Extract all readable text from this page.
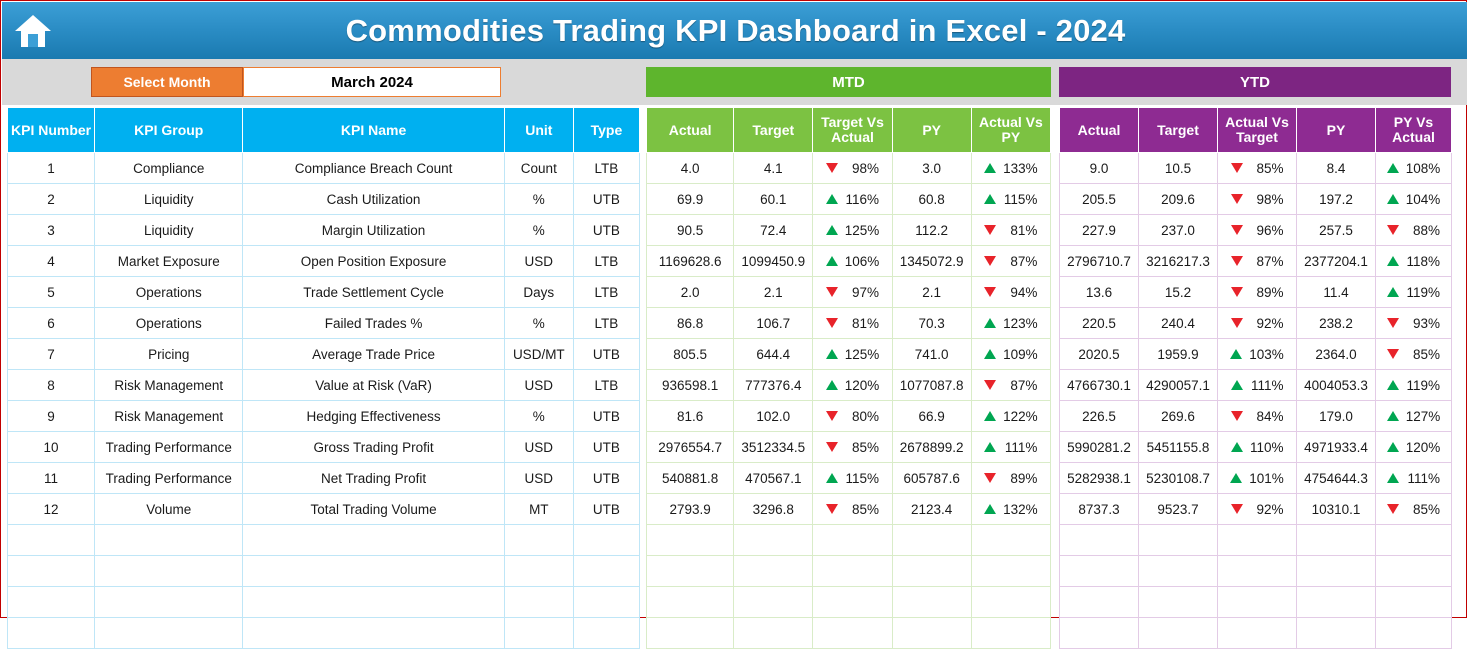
Commodities Trading KPI Dashboard in Excel - 2024
Select Month	March 2024	MTD	YTD
KPI Number	KPI Group	KPI Name	Unit	Type
1	Compliance	Compliance Breach Count	Count	LTB
2	Liquidity	Cash Utilization	%	UTB
3	Liquidity	Margin Utilization	%	UTB
4	Market Exposure	Open Position Exposure	USD	LTB
5	Operations	Trade Settlement Cycle	Days	LTB
6	Operations	Failed Trades %	%	LTB
7	Pricing	Average Trade Price	USD/MT	UTB
8	Risk Management	Value at Risk (VaR)	USD	LTB
9	Risk Management	Hedging Effectiveness	%	UTB
10	Trading Performance	Gross Trading Profit	USD	UTB
11	Trading Performance	Net Trading Profit	USD	UTB
12	Volume	Total Trading Volume	MT	UTB

Actual	Target	Target Vs Actual	PY	Actual Vs PY
4.0	4.1	98%	3.0	133%

69.9	60.1	116%	60.8	115%

90.5	72.4	125%	112.2	81%

1169628.6	1099450.9	106%	1345072.9	87%

2.0	2.1	97%	2.1	94%

86.8	106.7	81%	70.3	123%

805.5	644.4	125%	741.0	109%

936598.1	777376.4	120%	1077087.8	87%

81.6	102.0	80%	66.9	122%

2976554.7	3512334.5	85%	2678899.2	111%

540881.8	470567.1	115%	605787.6	89%

2793.9	3296.8	85%	2123.4	132%

Actual	Target	Actual Vs Target	PY	PY Vs Actual
9.0	10.5	85%	8.4	108%

205.5	209.6	98%	197.2	104%

227.9	237.0	96%	257.5	88%

2796710.7	3216217.3	87%	2377204.1	118%

13.6	15.2	89%	11.4	119%

220.5	240.4	92%	238.2	93%

2020.5	1959.9	103%	2364.0	85%

4766730.1	4290057.1	111%	4004053.3	119%

226.5	269.6	84%	179.0	127%

5990281.2	5451155.8	110%	4971933.4	120%

5282938.1	5230108.7	101%	4754644.3	111%

8737.3	9523.7	92%	10310.1	85%
